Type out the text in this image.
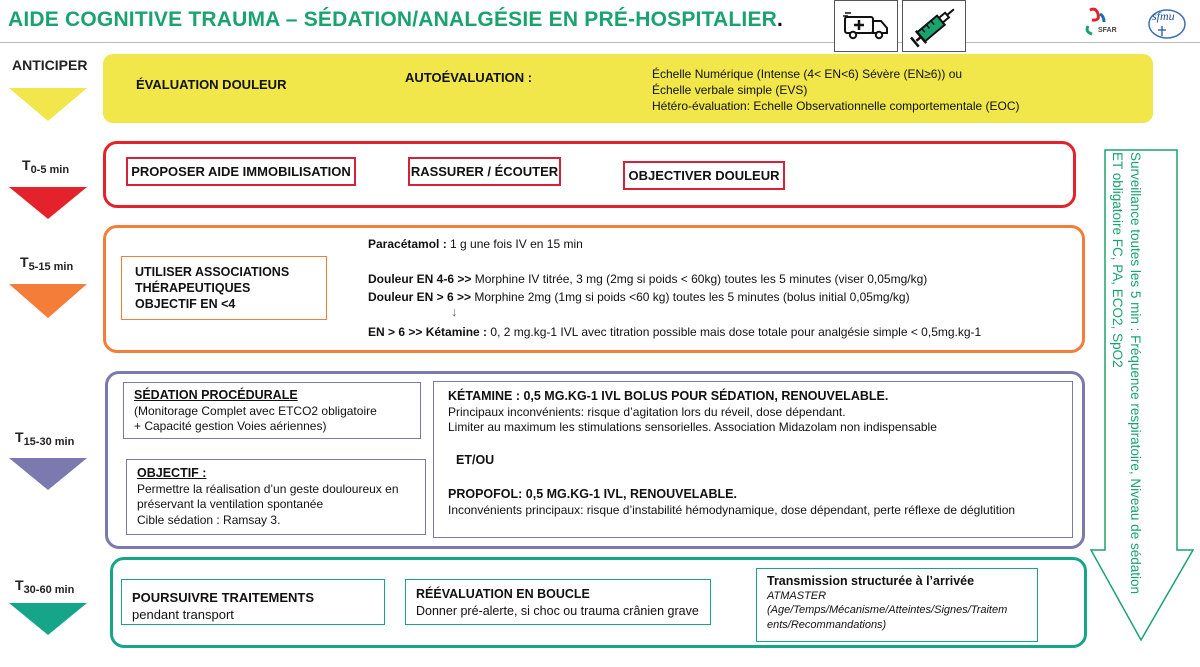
AIDE COGNITIVE TRAUMA – SÉDATION/ANALGÉSIE EN PRÉ-HOSPITALIER.	SFAR
sfmu
ANTICIPER
ÉVALUATION DOULEUR	AUTOÉVALUATION :	Échelle Numérique (Intense (4< EN<6) Sévère (EN≥6)) ou
Échelle verbale simple (EVS)
Hétéro-évaluation: Echelle Observationnelle comportementale (EOC)
$T_{0-5 min}$	PROPOSER AIDE IMMOBILISATION	RASSURER / ÉCOUTER	OBJECTIVER DOULEUR
$T_{5-15 min}$	UTILISER ASSOCIATIONS
THÉRAPEUTIQUES
OBJECTIF EN <4
Paracétamol : 1 g une fois IV en 15 min
Douleur EN 4-6 >> Morphine IV titrée, 3 mg (2mg si poids < 60kg) toutes les 5 minutes (viser 0,05mg/kg)
Douleur EN > 6 >> Morphine 2mg (1mg si poids <60 kg) toutes les 5 minutes (bolus initial 0,05mg/kg)
↓
EN > 6 >> Kétamine : 0, 2 mg.kg-1 IVL avec titration possible mais dose totale pour analgésie simple < 0,5mg.kg-1
$T_{15-30 min}$
SÉDATION PROCÉDURALE
(Monitorage Complet avec ETCO2 obligatoire
+ Capacité gestion Voies aériennes)
OBJECTIF :
Permettre la réalisation d’un geste douloureux en
préservant la ventilation spontanée
Cible sédation : Ramsay 3.
KÉTAMINE : 0,5 MG.KG-1 IVL BOLUS POUR SÉDATION, RENOUVELABLE.
Principaux inconvénients: risque d’agitation lors du réveil, dose dépendant.
Limiter au maximum les stimulations sensorielles. Association Midazolam non indispensable
ET/OU
PROPOFOL: 0,5 MG.KG-1 IVL, RENOUVELABLE.
Inconvénients principaux: risque d’instabilité hémodynamique, dose dépendant, perte réflexe de déglutition
$T_{30-60 min}$	POURSUIVRE TRAITEMENTS
pendant transport
RÉÉVALUATION EN BOUCLE
Donner pré-alerte, si choc ou trauma crânien grave
Transmission structurée à l’arrivée
ATMASTER
(Age/Temps/Mécanisme/Atteintes/Signes/Traitem
ents/Recommandations)
Surveillance toutes les 5 min : Fréquence respiratoire, Niveau de sédation
ET obligatoire FC, PA, ECO2, SpO2
